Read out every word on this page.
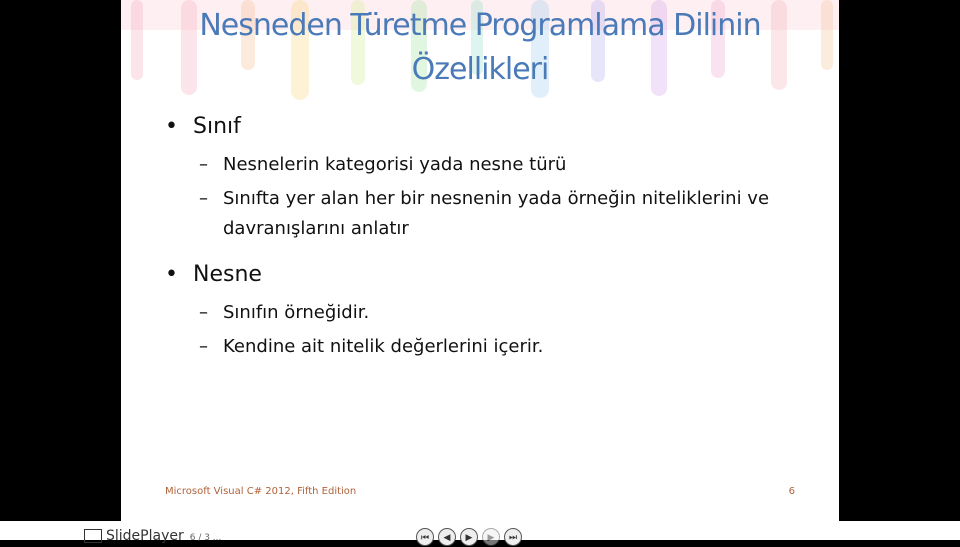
Nesneden Türetme Programlama Dilinin
Özellikleri
• Sınıf
– Nesnelerin kategorisi yada nesne türü
– Sınıfta yer alan her bir nesnenin yada örneğin niteliklerini ve davranışlarını anlatır
• Nesne
– Sınıfın örneğidir.
– Kendine ait nitelik değerlerini içerir.
Microsoft Visual C# 2012, Fifth Edition	6
SlidePlayer 6 / 3 ...	⏮	◀	▶	▶	⏭
